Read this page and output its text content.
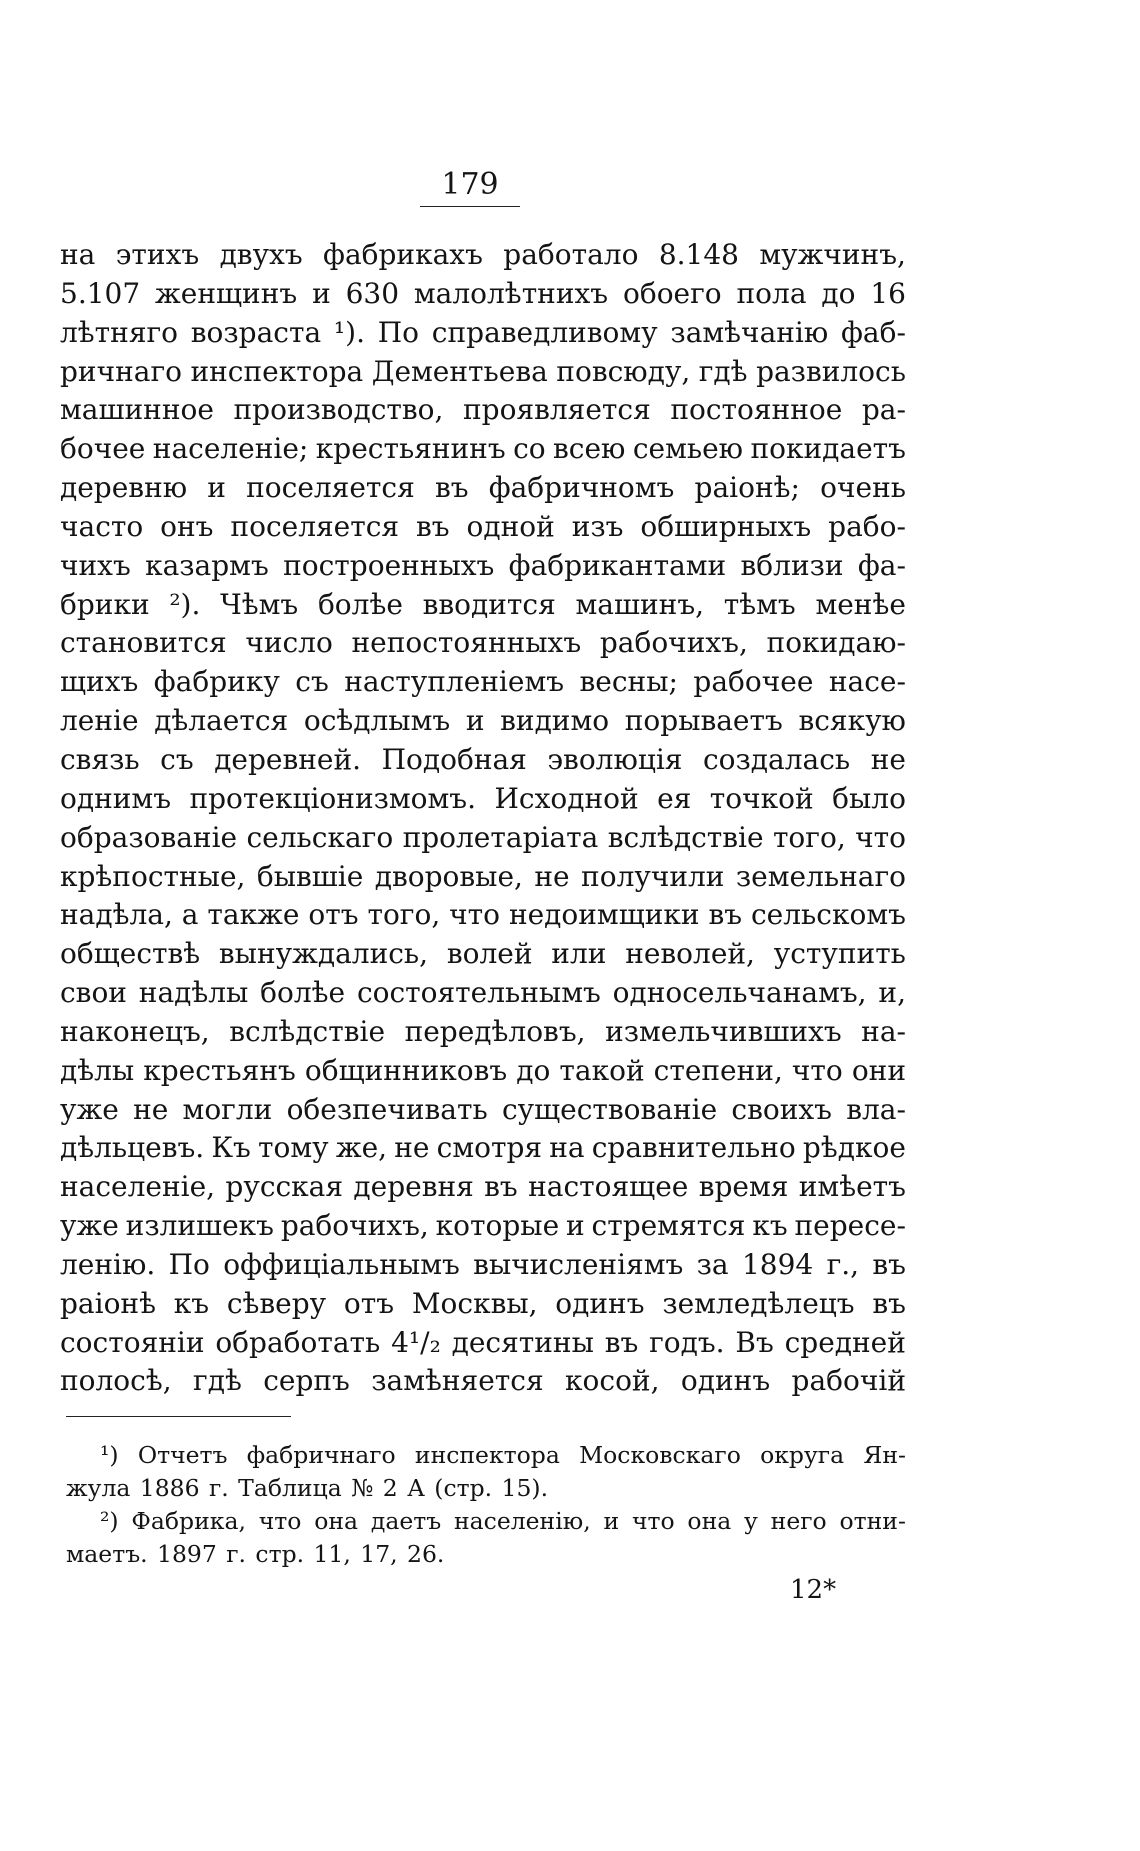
179
на этихъ двухъ фабрикахъ работало 8.148 мужчинъ,
5.107 женщинъ и 630 малолѣтнихъ обоего пола до 16
лѣтняго возраста ¹). По справедливому замѣчанію фаб-
ричнаго инспектора Дементьева повсюду, гдѣ развилось
машинное производство, проявляется постоянное ра-
бочее населеніе; крестьянинъ со всею семьею покидаетъ
деревню и поселяется въ фабричномъ раіонѣ; очень
часто онъ поселяется въ одной изъ обширныхъ рабо-
чихъ казармъ построенныхъ фабрикантами вблизи фа-
брики ²). Чѣмъ болѣе вводится машинъ, тѣмъ менѣе
становится число непостоянныхъ рабочихъ, покидаю-
щихъ фабрику съ наступленіемъ весны; рабочее насе-
леніе дѣлается осѣдлымъ и видимо порываетъ всякую
связь съ деревней. Подобная эволюція создалась не
однимъ протекціонизмомъ. Исходной ея точкой было
образованіе сельскаго пролетаріата вслѣдствіе того, что
крѣпостные, бывшіе дворовые, не получили земельнаго
надѣла, а также отъ того, что недоимщики въ сельскомъ
обществѣ вынуждались, волей или неволей, уступить
свои надѣлы болѣе состоятельнымъ односельчанамъ, и,
наконецъ, вслѣдствіе передѣловъ, измельчившихъ на-
дѣлы крестьянъ общинниковъ до такой степени, что они
уже не могли обезпечивать существованіе своихъ вла-
дѣльцевъ. Къ тому же, не смотря на сравнительно рѣдкое
населеніе, русская деревня въ настоящее время имѣетъ
уже излишекъ рабочихъ, которые и стремятся къ пересе-
ленію. По оффиціальнымъ вычисленіямъ за 1894 г., въ
раіонѣ къ сѣверу отъ Москвы, одинъ земледѣлецъ въ
состояніи обработать 4¹/₂ десятины въ годъ. Въ средней
полосѣ, гдѣ серпъ замѣняется косой, одинъ рабочій
¹) Отчетъ фабричнаго инспектора Московскаго округа Ян-
жула 1886 г. Таблица № 2 А (стр. 15).
²) Фабрика, что она даетъ населенію, и что она у него отни-
маетъ. 1897 г. стр. 11, 17, 26.
12*
